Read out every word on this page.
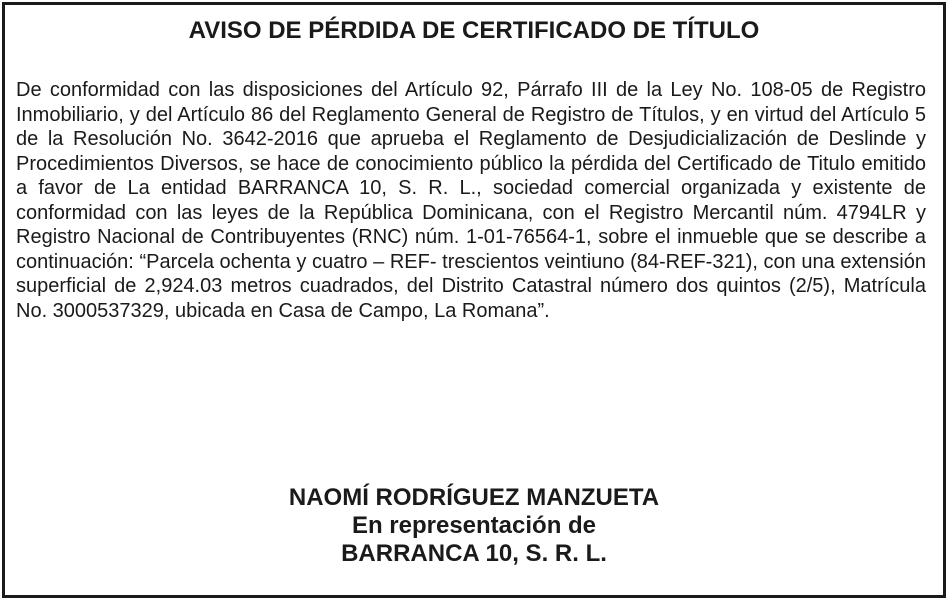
AVISO DE PÉRDIDA DE CERTIFICADO DE TÍTULO

De conformidad con las disposiciones del Artículo 92, Párrafo III de la Ley No. 108-05 de Registro Inmobiliario, y del Artículo 86 del Reglamento General de Registro de Títulos, y en virtud del Artículo 5 de la Resolución No. 3642-2016 que aprueba el Reglamento de Desjudicialización de Deslinde y Procedimientos Diversos, se hace de conocimiento público la pérdida del Certificado de Titulo emitido a favor de La entidad BARRANCA 10, S. R. L., sociedad comercial organizada y existente de conformidad con las leyes de la República Dominicana, con el Registro Mercantil núm. 4794LR y Registro Nacional de Contribuyentes (RNC) núm. 1-01-76564-1, sobre el inmueble que se describe a continuación: “Parcela ochenta y cuatro – REF- trescientos veintiuno (84-REF-321), con una extensión superficial de 2,924.03 metros cuadrados, del Distrito Catastral número dos quintos (2/5), Matrícula No. 3000537329, ubicada en Casa de Campo, La Romana”.

NAOMÍ RODRÍGUEZ MANZUETA
En representación de
BARRANCA 10, S. R. L.
